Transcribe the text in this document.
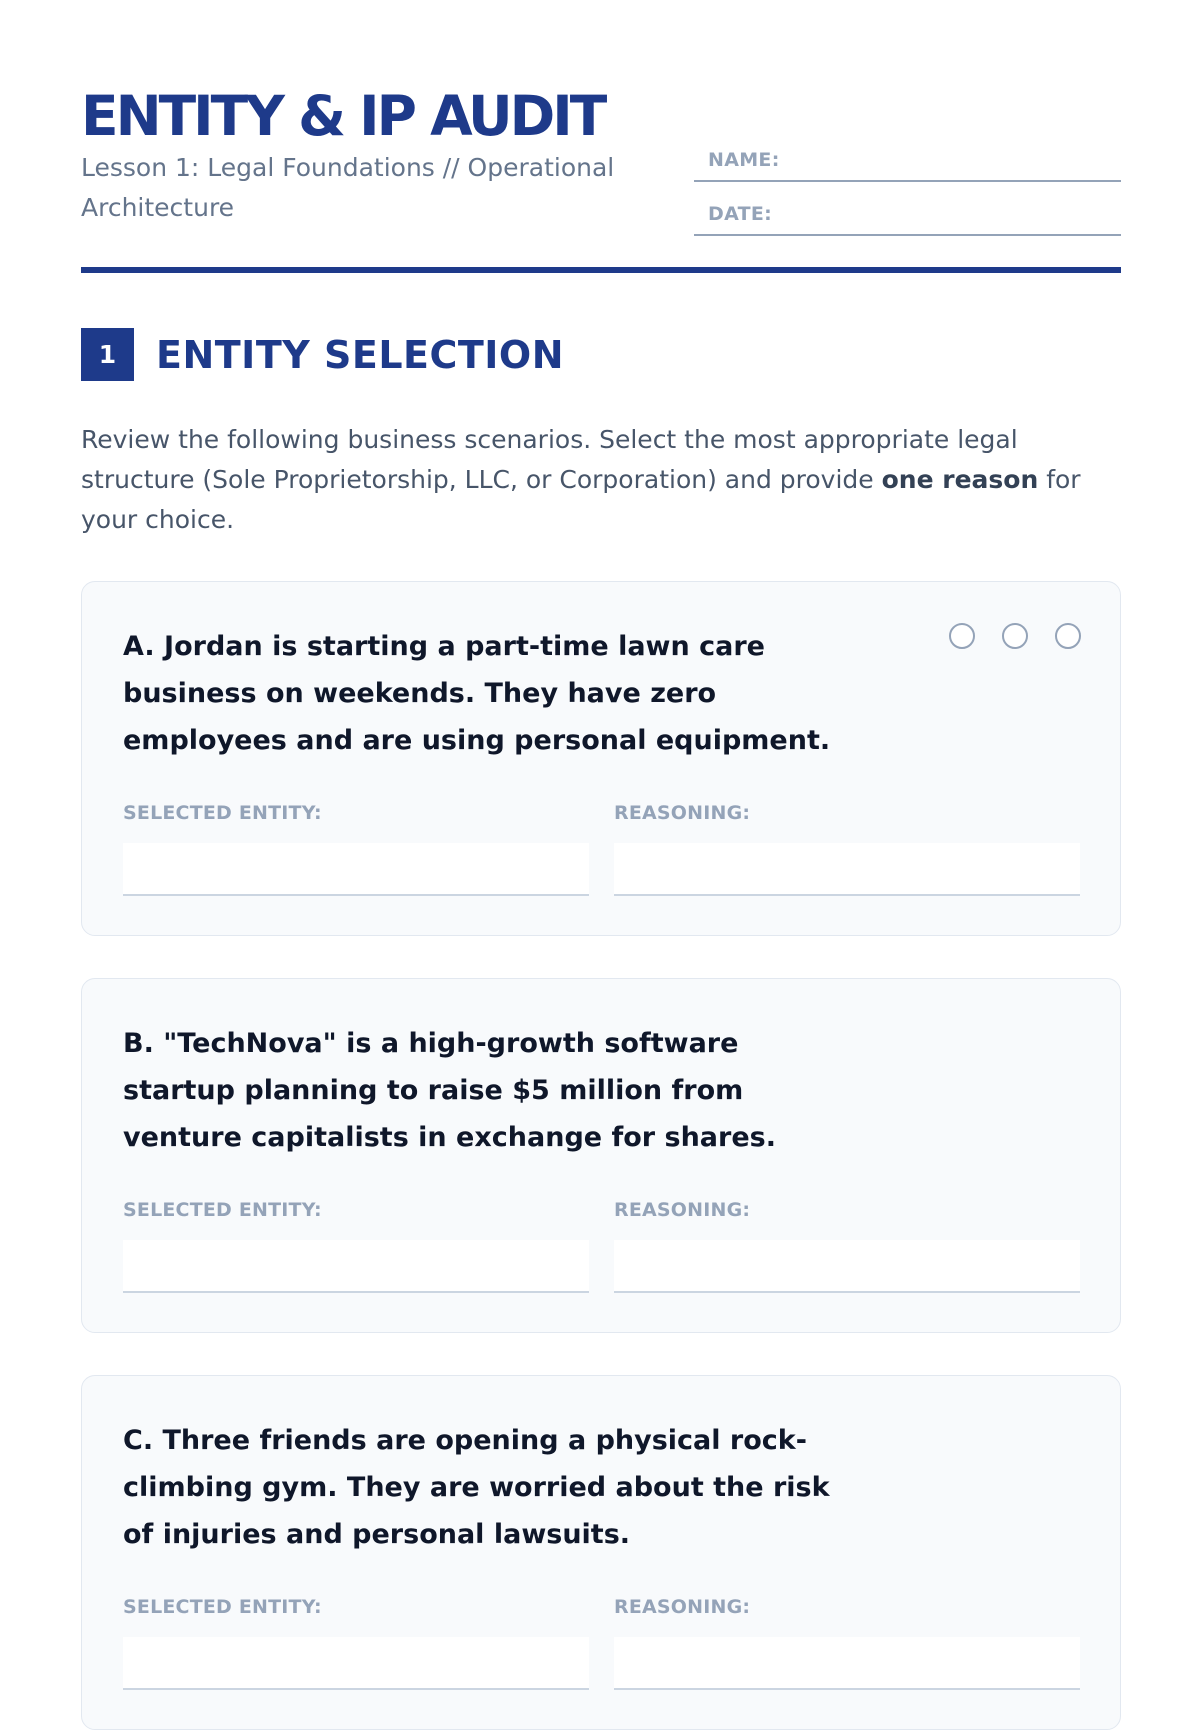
ENTITY & IP AUDIT
Lesson 1: Legal Foundations // Operational Architecture
NAME:
DATE:
1	ENTITY SELECTION

Review the following business scenarios. Select the most appropriate legal structure (Sole Proprietorship, LLC, or Corporation) and provide one reason for your choice.

A. Jordan is starting a part-time lawn care business on weekends. They have zero employees and are using personal equipment.

SELECTED ENTITY:	REASONING:

B. "TechNova" is a high-growth software startup planning to raise $5 million from venture capitalists in exchange for shares.

SELECTED ENTITY:	REASONING:

C. Three friends are opening a physical rock-climbing gym. They are worried about the risk of injuries and personal lawsuits.

SELECTED ENTITY:	REASONING:
